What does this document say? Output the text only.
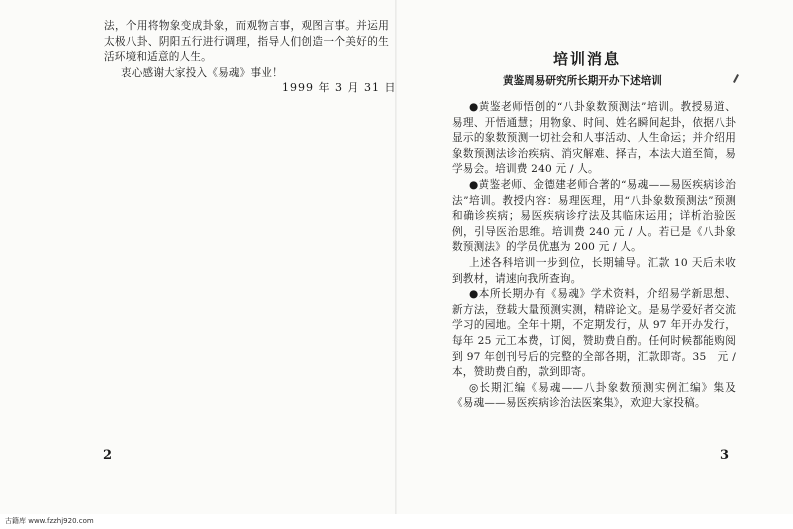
法，个用将物象变成卦象，而观物言事，观图言事。并运用太极八卦、阴阳五行进行调理，指导人们创造一个美好的生活环境和适意的人生。

衷心感谢大家投入《易魂》事业！

1999 年 3 月 31 日
2
培训消息
黄鉴周易研究所长期开办下述培训

●黄鉴老师悟创的“八卦象数预测法”培训。教授易道、易理、开悟通慧；用物象、时间、姓名瞬间起卦，依据八卦显示的象数预测一切社会和人事活动、人生命运；并介绍用象数预测法诊治疾病、消灾解难、择吉，本法大道至简，易学易会。培训费 240 元 / 人。

●黄鉴老师、金德建老师合著的“易魂——易医疾病诊治法”培训。教授内容：易理医理，用“八卦象数预测法”预测和确诊疾病；易医疾病诊疗法及其临床运用；详析治验医例，引导医治思维。培训费 240 元 / 人。若已是《八卦象数预测法》的学员优惠为 200 元 / 人。

上述各科培训一步到位，长期辅导。汇款 10 天后未收到教材，请速向我所查询。

●本所长期办有《易魂》学术资料，介绍易学新思想、新方法，登载大量预测实测，精辟论文。是易学爱好者交流学习的园地。全年十期，不定期发行，从 97 年开办发行，每年 25 元工本费，订阅，赞助费自酌。任何时候都能购阅到 97 年创刊号后的完整的全部各期，汇款即寄。35　元 / 本，赞助费自酌，款到即寄。

◎长期汇编《易魂——八卦象数预测实例汇编》集及《易魂——易医疾病诊治法医案集》，欢迎大家投稿。

3
古籍库 www.fzzhj920.com
